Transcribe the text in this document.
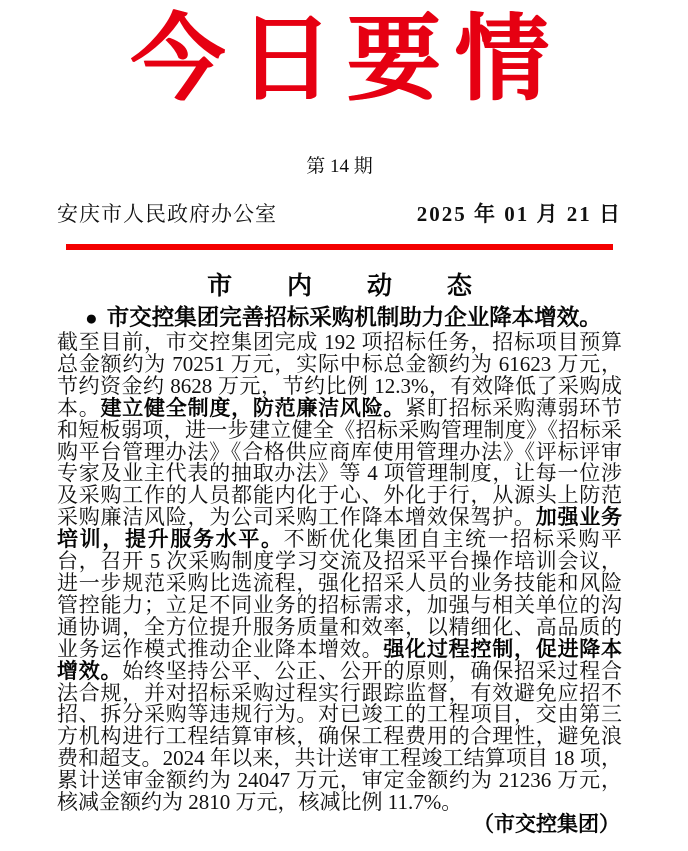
今日要情
第 14 期
安庆市人民政府办公室	2025 年 01 月 21 日
市 内 动 态
● 市交控集团完善招标采购机制助力企业降本增效。

截至目前，市交控集团完成 192 项招标任务，招标项目预算总金额约为 70251 万元，实际中标总金额约为 61623 万元，节约资金约 8628 万元，节约比例 12.3%，有效降低了采购成本。建立健全制度，防范廉洁风险。紧盯招标采购薄弱环节和短板弱项，进一步建立健全《招标采购管理制度》《招标采购平台管理办法》《合格供应商库使用管理办法》《评标评审专家及业主代表的抽取办法》等 4 项管理制度，让每一位涉及采购工作的人员都能内化于心、外化于行，从源头上防范采购廉洁风险，为公司采购工作降本增效保驾护。加强业务培训，提升服务水平。不断优化集团自主统一招标采购平台，召开 5 次采购制度学习交流及招采平台操作培训会议，进一步规范采购比选流程，强化招采人员的业务技能和风险管控能力；立足不同业务的招标需求，加强与相关单位的沟通协调，全方位提升服务质量和效率，以精细化、高品质的业务运作模式推动企业降本增效。强化过程控制，促进降本增效。始终坚持公平、公正、公开的原则，确保招采过程合法合规，并对招标采购过程实行跟踪监督，有效避免应招不招、拆分采购等违规行为。对已竣工的工程项目，交由第三方机构进行工程结算审核，确保工程费用的合理性，避免浪费和超支。2024 年以来，共计送审工程竣工结算项目 18 项，累计送审金额约为 24047 万元，审定金额约为 21236 万元，核减金额约为 2810 万元，核减比例 11.7%。

（市交控集团）
